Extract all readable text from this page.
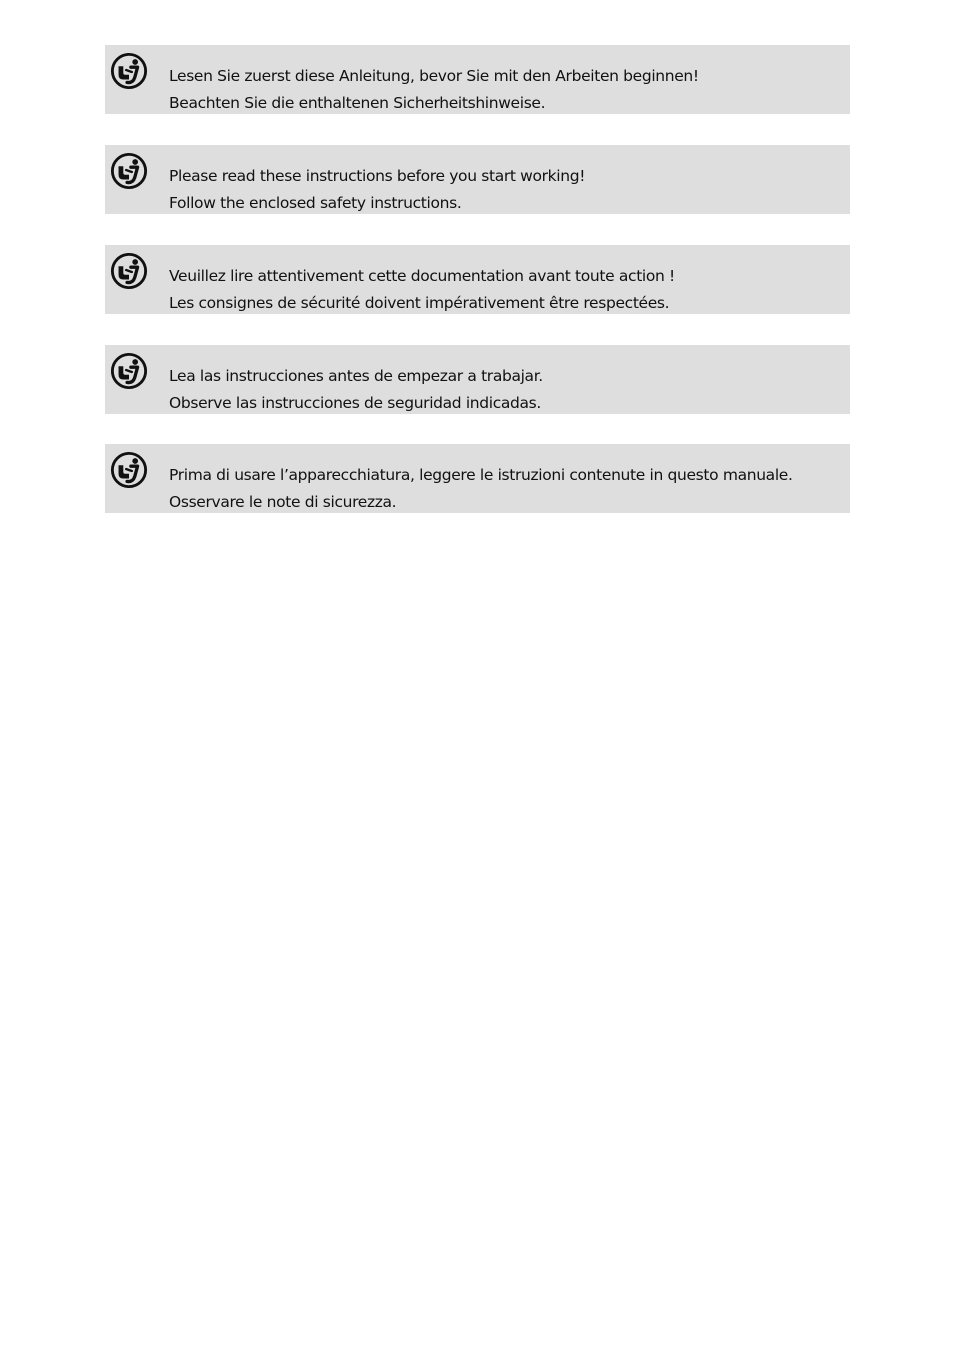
Lesen Sie zuerst diese Anleitung, bevor Sie mit den Arbeiten beginnen!
Beachten Sie die enthaltenen Sicherheitshinweise.
Please read these instructions before you start working!
Follow the enclosed safety instructions.
Veuillez lire attentivement cette documentation avant toute action !
Les consignes de sécurité doivent impérativement être respectées.
Lea las instrucciones antes de empezar a trabajar.
Observe las instrucciones de seguridad indicadas.
Prima di usare l’apparecchiatura, leggere le istruzioni contenute in questo manuale.
Osservare le note di sicurezza.
